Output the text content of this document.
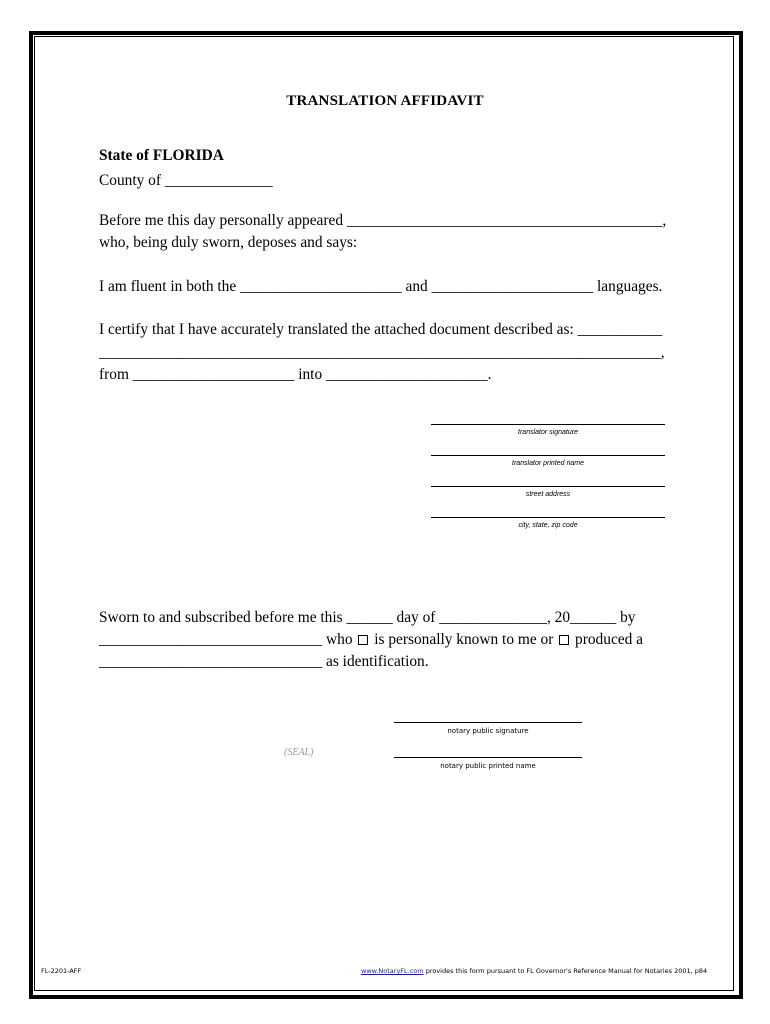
TRANSLATION AFFIDAVIT
State of FLORIDA
County of ______________
Before me this day personally appeared _________________________________________,
who, being duly sworn, deposes and says:
I am fluent in both the _____________________ and _____________________ languages.
I certify that I have accurately translated the attached document described as: ___________
_________________________________________________________________________,
from _____________________ into _____________________.
translator signature
translator printed name
street address
city, state, zip code
Sworn to and subscribed before me this ______ day of ______________, 20______ by
_____________________________ who  is personally known to me or  produced a
_____________________________ as identification.
notary public signature
(SEAL)
notary public printed name
FL-2201-AFF	www.NotaryFL.com provides this form pursuant to FL Governor's Reference Manual for Notaries 2001, p84
